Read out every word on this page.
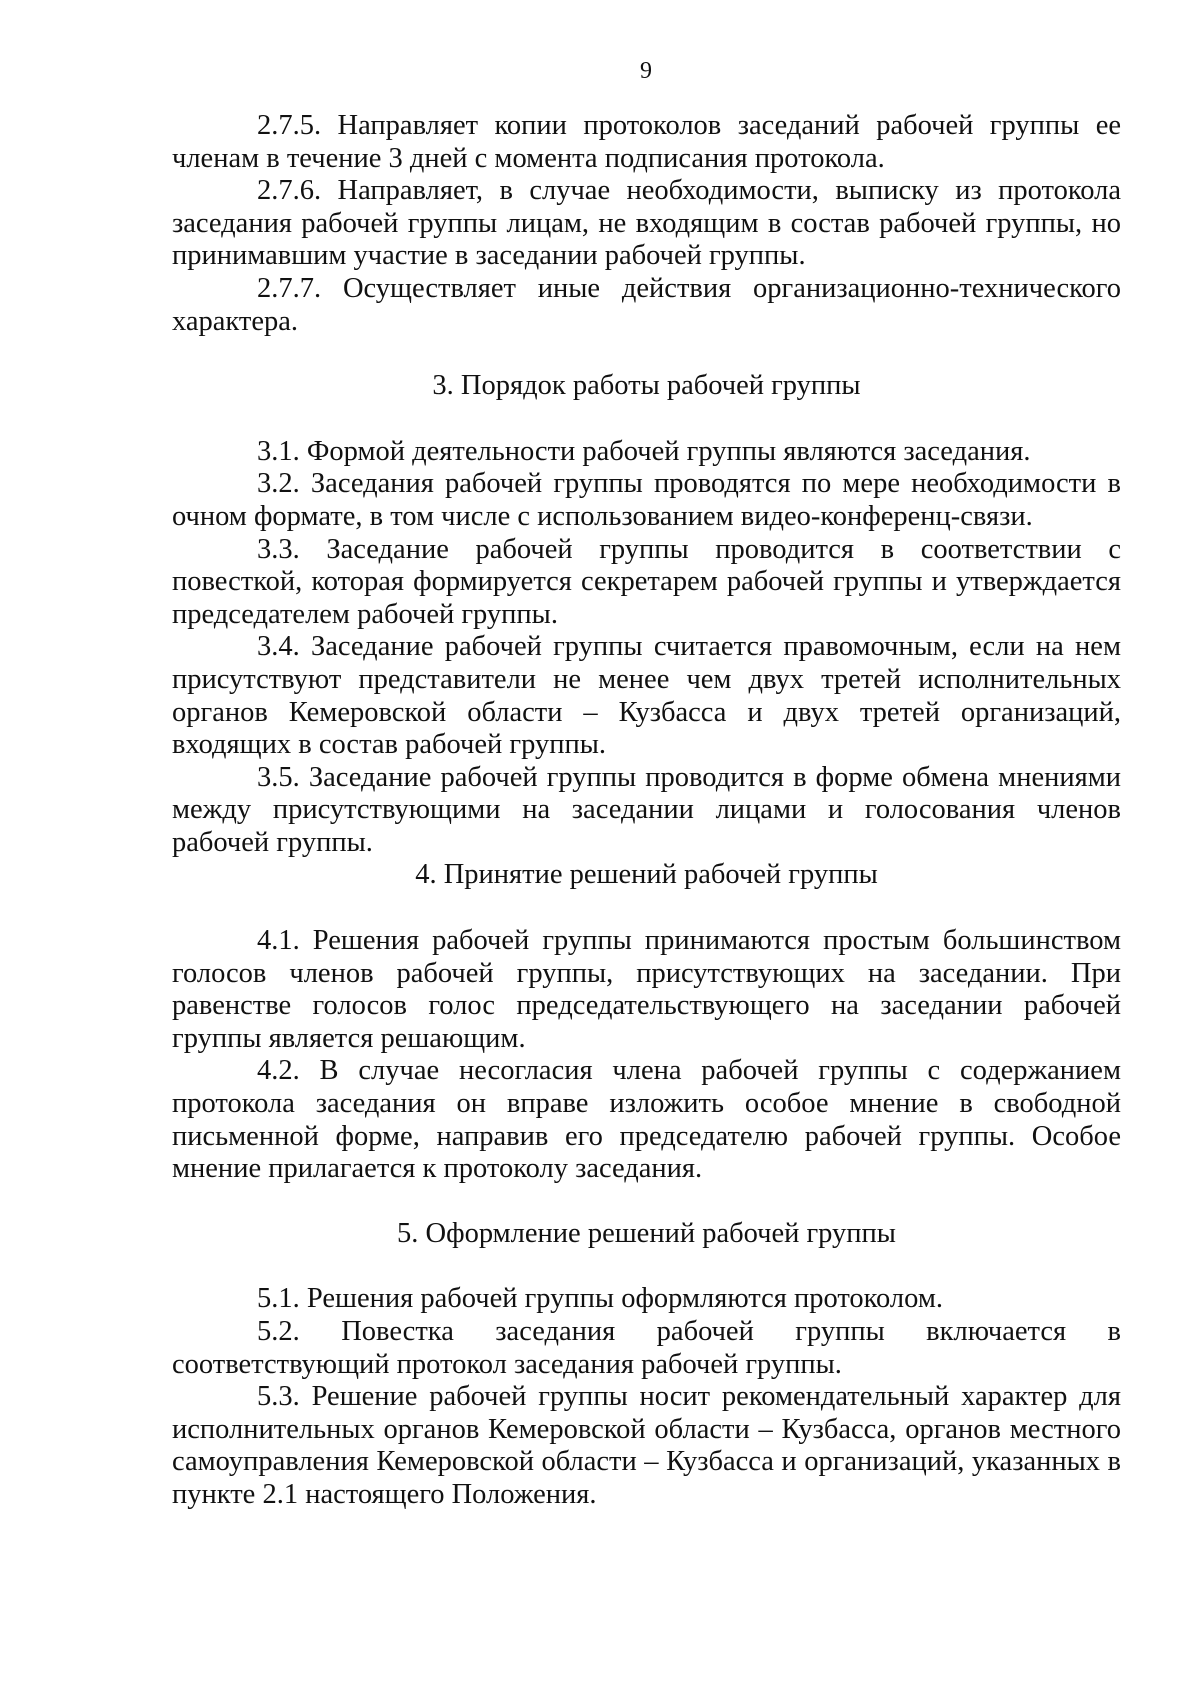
9

2.7.5. Направляет копии протоколов заседаний рабочей группы ее членам в течение 3 дней с момента подписания протокола.

2.7.6. Направляет, в случае необходимости, выписку из протокола заседания рабочей группы лицам, не входящим в состав рабочей группы, но принимавшим участие в заседании рабочей группы.

2.7.7. Осуществляет иные действия организационно-технического характера.

3. Порядок работы рабочей группы

3.1. Формой деятельности рабочей группы являются заседания.

3.2. Заседания рабочей группы проводятся по мере необходимости в очном формате, в том числе с использованием видео-конференц-связи.

3.3. Заседание рабочей группы проводится в соответствии с повесткой, которая формируется секретарем рабочей группы и утверждается председателем рабочей группы.

3.4. Заседание рабочей группы считается правомочным, если на нем присутствуют представители не менее чем двух третей исполнительных органов Кемеровской области – Кузбасса и двух третей организаций, входящих в состав рабочей группы.

3.5. Заседание рабочей группы проводится в форме обмена мнениями между присутствующими на заседании лицами и голосования членов рабочей группы.

4. Принятие решений рабочей группы

4.1. Решения рабочей группы принимаются простым большинством голосов членов рабочей группы, присутствующих на заседании. При равенстве голосов голос председательствующего на заседании рабочей группы является решающим.

4.2. В случае несогласия члена рабочей группы с содержанием протокола заседания он вправе изложить особое мнение в свободной письменной форме, направив его председателю рабочей группы. Особое мнение прилагается к протоколу заседания.

5. Оформление решений рабочей группы

5.1. Решения рабочей группы оформляются протоколом.

5.2. Повестка заседания рабочей группы включается в соответствующий протокол заседания рабочей группы.

5.3. Решение рабочей группы носит рекомендательный характер для исполнительных органов Кемеровской области – Кузбасса, органов местного самоуправления Кемеровской области – Кузбасса и организаций, указанных в пункте 2.1 настоящего Положения.
